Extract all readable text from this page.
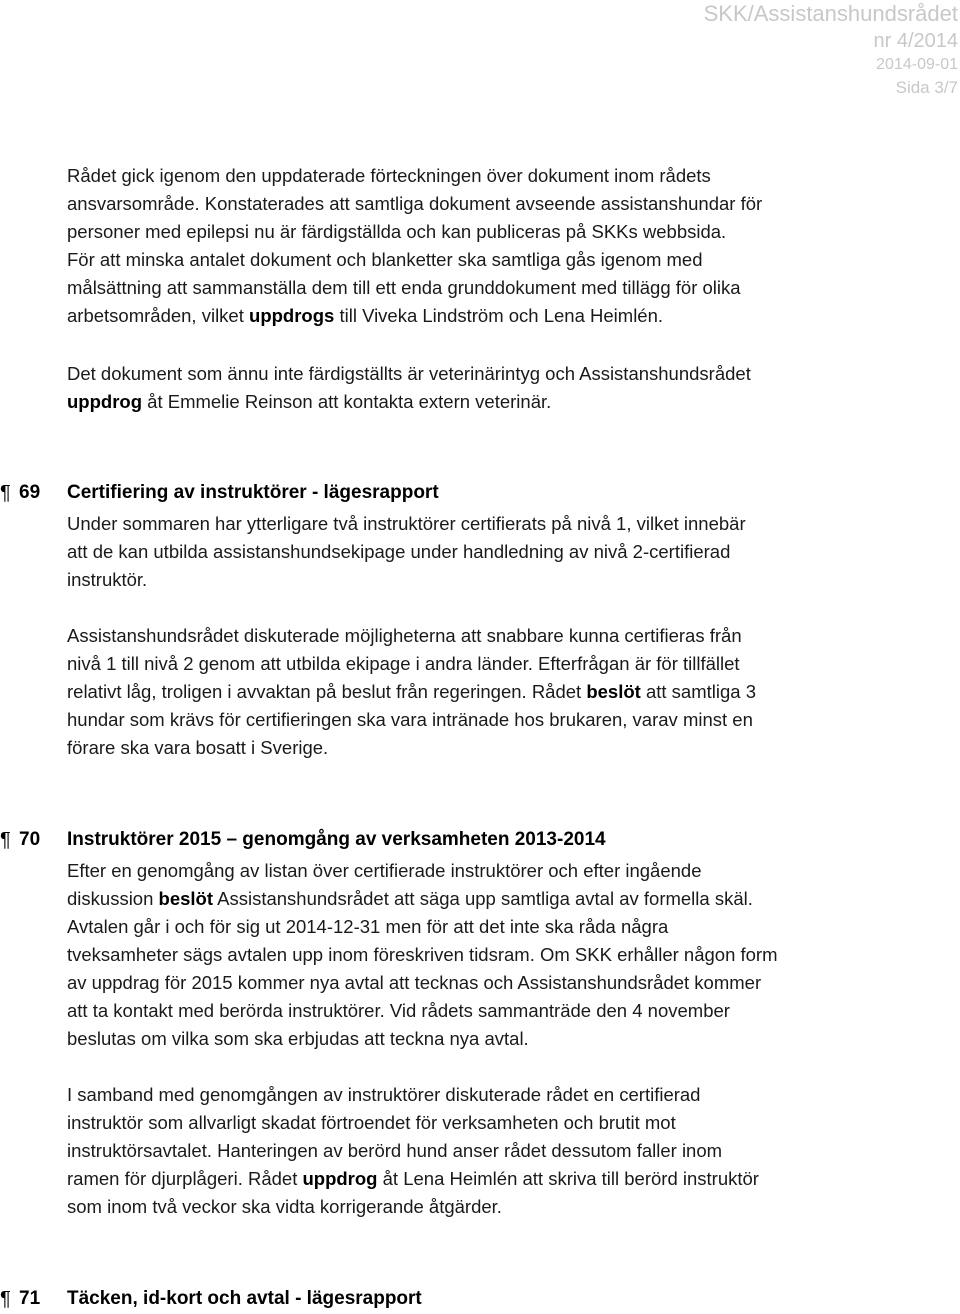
SKK/Assistanshundsrådet
nr 4/2014
2014-09-01
Sida 3/7
Rådet gick igenom den uppdaterade förteckningen över dokument inom rådets
ansvarsområde. Konstaterades att samtliga dokument avseende assistanshundar för
personer med epilepsi nu är färdigställda och kan publiceras på SKKs webbsida.
För att minska antalet dokument och blanketter ska samtliga gås igenom med
målsättning att sammanställa dem till ett enda grunddokument med tillägg för olika
arbetsområden, vilket uppdrogs till Viveka Lindström och Lena Heimlén.
Det dokument som ännu inte färdigställts är veterinärintyg och Assistanshundsrådet
uppdrog åt Emmelie Reinson att kontakta extern veterinär.
¶ 69 Certifiering av instruktörer - lägesrapport
Under sommaren har ytterligare två instruktörer certifierats på nivå 1, vilket innebär
att de kan utbilda assistanshundsekipage under handledning av nivå 2-certifierad
instruktör.
Assistanshundsrådet diskuterade möjligheterna att snabbare kunna certifieras från
nivå 1 till nivå 2 genom att utbilda ekipage i andra länder. Efterfrågan är för tillfället
relativt låg, troligen i avvaktan på beslut från regeringen. Rådet beslöt att samtliga 3
hundar som krävs för certifieringen ska vara intränade hos brukaren, varav minst en
förare ska vara bosatt i Sverige.
¶ 70 Instruktörer 2015 – genomgång av verksamheten 2013-2014
Efter en genomgång av listan över certifierade instruktörer och efter ingående
diskussion beslöt Assistanshundsrådet att säga upp samtliga avtal av formella skäl.
Avtalen går i och för sig ut 2014-12-31 men för att det inte ska råda några
tveksamheter sägs avtalen upp inom föreskriven tidsram. Om SKK erhåller någon form
av uppdrag för 2015 kommer nya avtal att tecknas och Assistanshundsrådet kommer
att ta kontakt med berörda instruktörer. Vid rådets sammanträde den 4 november
beslutas om vilka som ska erbjudas att teckna nya avtal.
I samband med genomgången av instruktörer diskuterade rådet en certifierad
instruktör som allvarligt skadat förtroendet för verksamheten och brutit mot
instruktörsavtalet. Hanteringen av berörd hund anser rådet dessutom faller inom
ramen för djurplågeri. Rådet uppdrog åt Lena Heimlén att skriva till berörd instruktör
som inom två veckor ska vidta korrigerande åtgärder.
¶ 71 Täcken, id-kort och avtal - lägesrapport
